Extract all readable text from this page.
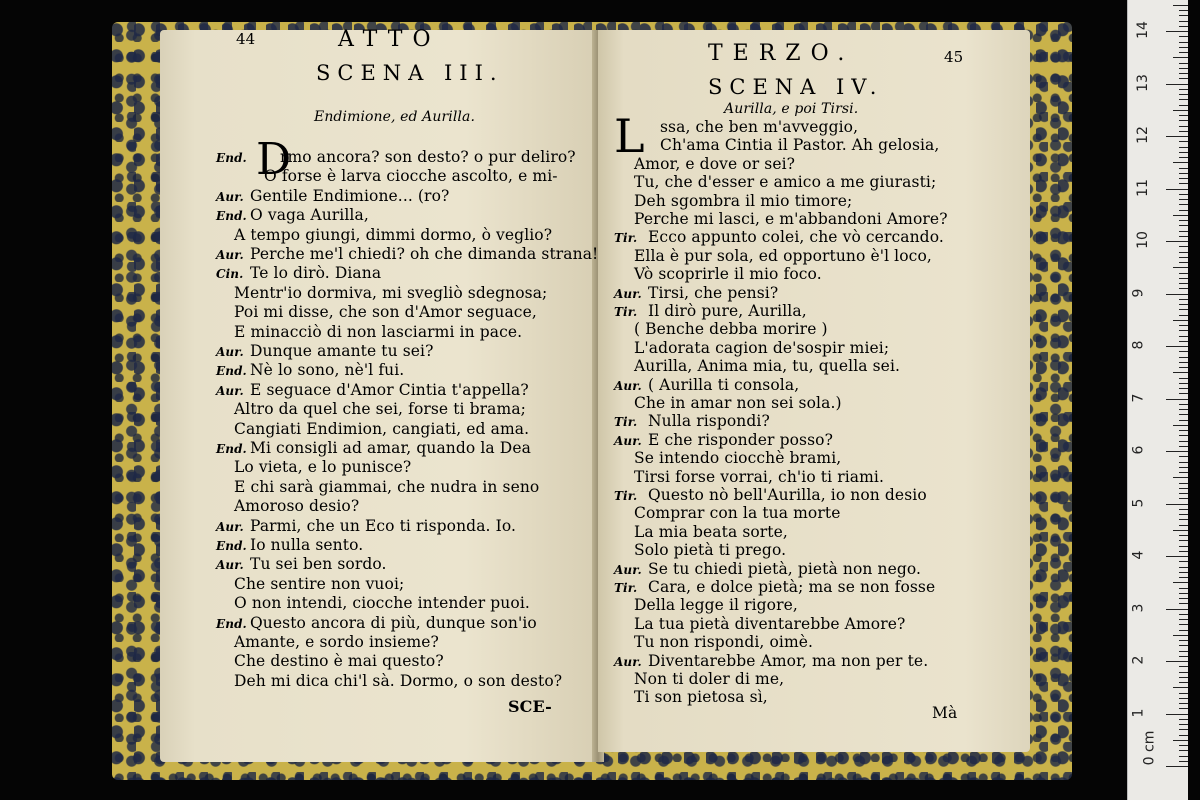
44	ATTO
SCENA III.
Endimione, ed Aurilla.
D
End. rmo ancora? son desto? o pur deliro?
O forse è larva ciocche ascolto, e mi-
Aur. Gentile Endimione... (ro?
End. O vaga Aurilla,
A tempo giungi, dimmi dormo, ò veglio?
Aur. Perche me'l chiedi? oh che dimanda strana!
Cin. Te lo dirò. Diana
Mentr'io dormiva, mi svegliò sdegnosa;
Poi mi disse, che son d'Amor seguace,
E minacciò di non lasciarmi in pace.
Aur. Dunque amante tu sei?
End. Nè lo sono, nè'l fui.
Aur. E seguace d'Amor Cintia t'appella?
Altro da quel che sei, forse ti brama;
Cangiati Endimion, cangiati, ed ama.
End. Mi consigli ad amar, quando la Dea
Lo vieta, e lo punisce?
E chi sarà giammai, che nudra in seno
Amoroso desio?
Aur. Parmi, che un Eco ti risponda. Io.
End. Io nulla sento.
Aur. Tu sei ben sordo.
Che sentire non vuoi;
O non intendi, ciocche intender puoi.
End. Questo ancora di più, dunque son'io
Amante, e sordo insieme?
Che destino è mai questo?
Deh mi dica chi'l sà. Dormo, o son desto?
SCE-
TERZO.	45
SCENA IV.
Aurilla, e poi Tirsi.
L ssa, che ben m'avveggio,
Ch'ama Cintia il Pastor. Ah gelosia,
Amor, e dove or sei?
Tu, che d'esser e amico a me giurasti;
Deh sgombra il mio timore;
Perche mi lasci, e m'abbandoni Amore?
Tir. Ecco appunto colei, che vò cercando.
Ella è pur sola, ed opportuno è'l loco,
Vò scoprirle il mio foco.
Aur. Tirsi, che pensi?
Tir. Il dirò pure, Aurilla,
( Benche debba morire )
L'adorata cagion de'sospir miei;
Aurilla, Anima mia, tu, quella sei.
Aur. ( Aurilla ti consola,
Che in amar non sei sola.)
Tir. Nulla rispondi?
Aur. E che risponder posso?
Se intendo ciocchè brami,
Tirsi forse vorrai, ch'io ti riami.
Tir. Questo nò bell'Aurilla, io non desio
Comprar con la tua morte
La mia beata sorte,
Solo pietà ti prego.
Aur. Se tu chiedi pietà, pietà non nego.
Tir. Cara, e dolce pietà; ma se non fosse
Della legge il rigore,
La tua pietà diventarebbe Amore?
Tu non rispondi, oimè.
Aur. Diventarebbe Amor, ma non per te.
Non ti doler di me,
Ti son pietosa sì,
Mà	1
2
3
4
5
6
7
8
9
10
11
12
13
14
0 cm
